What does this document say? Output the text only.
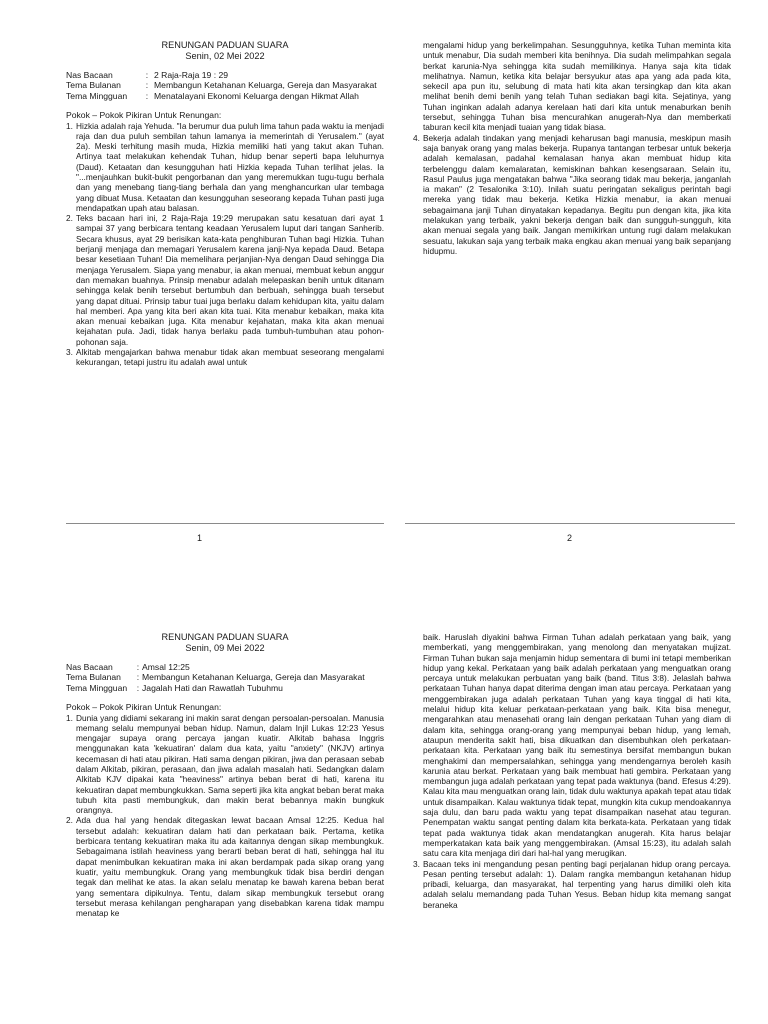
RENUNGAN PADUAN SUARA
Senin, 02 Mei 2022
Nas Bacaan	: 2 Raja-Raja 19 : 29
Tema Bulanan	: Membangun Ketahanan Keluarga, Gereja dan Masyarakat
Tema Mingguan	: Menatalayani Ekonomi Keluarga dengan Hikmat Allah
Pokok – Pokok Pikiran Untuk Renungan:
1. Hizkia adalah raja Yehuda. "Ia berumur dua puluh lima tahun pada waktu ia menjadi raja dan dua puluh sembilan tahun lamanya ia memerintah di Yerusalem." (ayat 2a). Meski terhitung masih muda, Hizkia memiliki hati yang takut akan Tuhan. Artinya taat melakukan kehendak Tuhan, hidup benar seperti bapa leluhurnya (Daud). Ketaatan dan kesungguhan hati Hizkia kepada Tuhan terlihat jelas. Ia "...menjauhkan bukit-bukit pengorbanan dan yang meremukkan tugu-tugu berhala dan yang menebang tiang-tiang berhala dan yang menghancurkan ular tembaga yang dibuat Musa. Ketaatan dan kesungguhan seseorang kepada Tuhan pasti juga mendapatkan upah atau balasan.
2. Teks bacaan hari ini, 2 Raja-Raja 19:29 merupakan satu kesatuan dari ayat 1 sampai 37 yang berbicara tentang keadaan Yerusalem luput dari tangan Sanherib. Secara khusus, ayat 29 berisikan kata-kata penghiburan Tuhan bagi Hizkia. Tuhan berjanji menjaga dan memagari Yerusalem karena janji-Nya kepada Daud. Betapa besar kesetiaan Tuhan! Dia memelihara perjanjian-Nya dengan Daud sehingga Dia menjaga Yerusalem. Siapa yang menabur, ia akan menuai, membuat kebun anggur dan memakan buahnya. Prinsip menabur adalah melepaskan benih untuk ditanam sehingga kelak benih tersebut bertumbuh dan berbuah, sehingga buah tersebut yang dapat dituai. Prinsip tabur tuai juga berlaku dalam kehidupan kita, yaitu dalam hal memberi. Apa yang kita beri akan kita tuai. Kita menabur kebaikan, maka kita akan menuai kebaikan juga. Kita menabur kejahatan, maka kita akan menuai kejahatan pula. Jadi, tidak hanya berlaku pada tumbuh-tumbuhan atau pohon-pohonan saja.
3. Alkitab mengajarkan bahwa menabur tidak akan membuat seseorang mengalami kekurangan, tetapi justru itu adalah awal untuk
mengalami hidup yang berkelimpahan. Sesungguhnya, ketika Tuhan meminta kita untuk menabur, Dia sudah memberi kita benihnya. Dia sudah melimpahkan segala berkat karunia-Nya sehingga kita sudah memilikinya. Hanya saja kita tidak melihatnya. Namun, ketika kita belajar bersyukur atas apa yang ada pada kita, sekecil apa pun itu, selubung di mata hati kita akan tersingkap dan kita akan melihat benih demi benih yang telah Tuhan sediakan bagi kita. Sejatinya, yang Tuhan inginkan adalah adanya kerelaan hati dari kita untuk menaburkan benih tersebut, sehingga Tuhan bisa mencurahkan anugerah-Nya dan memberkati taburan kecil kita menjadi tuaian yang tidak biasa.
4. Bekerja adalah tindakan yang menjadi keharusan bagi manusia, meskipun masih saja banyak orang yang malas bekerja. Rupanya tantangan terbesar untuk bekerja adalah kemalasan, padahal kemalasan hanya akan membuat hidup kita terbelenggu dalam kemalaratan, kemiskinan bahkan kesengsaraan. Selain itu, Rasul Paulus juga mengatakan bahwa "Jika seorang tidak mau bekerja, janganlah ia makan" (2 Tesalonika 3:10). Inilah suatu peringatan sekaligus perintah bagi mereka yang tidak mau bekerja. Ketika Hizkia menabur, ia akan menuai sebagaimana janji Tuhan dinyatakan kepadanya. Begitu pun dengan kita, jika kita melakukan yang terbaik, yakni bekerja dengan baik dan sungguh-sungguh, kita akan menuai segala yang baik. Jangan memikirkan untung rugi dalam melakukan sesuatu, lakukan saja yang terbaik maka engkau akan menuai yang baik sepanjang hidupmu.
1	2
RENUNGAN PADUAN SUARA
Senin, 09 Mei 2022
Nas Bacaan	: Amsal 12:25
Tema Bulanan	: Membangun Ketahanan Keluarga, Gereja dan Masyarakat
Tema Mingguan	: Jagalah Hati dan Rawatlah Tubuhmu
Pokok – Pokok Pikiran Untuk Renungan:
1. Dunia yang didiami sekarang ini makin sarat dengan persoalan-persoalan. Manusia memang selalu mempunyai beban hidup. Namun, dalam Injil Lukas 12:23 Yesus mengajar supaya orang percaya jangan kuatir. Alkitab bahasa Inggris menggunakan kata 'kekuatiran' dalam dua kata, yaitu "anxiety" (NKJV) artinya kecemasan di hati atau pikiran. Hati sama dengan pikiran, jiwa dan perasaan sebab dalam Alkitab, pikiran, perasaan, dan jiwa adalah masalah hati. Sedangkan dalam Alkitab KJV dipakai kata "heaviness" artinya beban berat di hati, karena itu kekuatiran dapat membungkukkan. Sama seperti jika kita angkat beban berat maka tubuh kita pasti membungkuk, dan makin berat bebannya makin bungkuk orangnya.
2. Ada dua hal yang hendak ditegaskan lewat bacaan Amsal 12:25. Kedua hal tersebut adalah: kekuatiran dalam hati dan perkataan baik. Pertama, ketika berbicara tentang kekuatiran maka itu ada kaitannya dengan sikap membungkuk. Sebagaimana istilah heaviness yang berarti beban berat di hati, sehingga hal itu dapat menimbulkan kekuatiran maka ini akan berdampak pada sikap orang yang kuatir, yaitu membungkuk. Orang yang membungkuk tidak bisa berdiri dengan tegak dan melihat ke atas. Ia akan selalu menatap ke bawah karena beban berat yang sementara dipikulnya. Tentu, dalam sikap membungkuk tersebut orang tersebut merasa kehilangan pengharapan yang disebabkan karena tidak mampu menatap ke
baik. Haruslah diyakini bahwa Firman Tuhan adalah perkataan yang baik, yang memberkati, yang menggembirakan, yang menolong dan menyatakan mujizat. Firman Tuhan bukan saja menjamin hidup sementara di bumi ini tetapi memberikan hidup yang kekal. Perkataan yang baik adalah perkataan yang menguatkan orang percaya untuk melakukan perbuatan yang baik (band. Titus 3:8). Jelaslah bahwa perkataan Tuhan hanya dapat diterima dengan iman atau percaya. Perkataan yang menggembirakan juga adalah perkataan Tuhan yang kaya tinggal di hati kita, melalui hidup kita keluar perkataan-perkataan yang baik. Kita bisa menegur, mengarahkan atau menasehati orang lain dengan perkataan Tuhan yang diam di dalam kita, sehingga orang-orang yang mempunyai beban hidup, yang lemah, ataupun menderita sakit hati, bisa dikuatkan dan disembuhkan oleh perkataan-perkataan kita. Perkataan yang baik itu semestinya bersifat membangun bukan menghakimi dan mempersalahkan, sehingga yang mendengarnya beroleh kasih karunia atau berkat. Perkataan yang baik membuat hati gembira. Perkataan yang membangun juga adalah perkataan yang tepat pada waktunya (band. Efesus 4:29). Kalau kita mau menguatkan orang lain, tidak dulu waktunya apakah tepat atau tidak untuk disampaikan. Kalau waktunya tidak tepat, mungkin kita cukup mendoakannya saja dulu, dan baru pada waktu yang tepat disampaikan nasehat atau teguran. Penempatan waktu sangat penting dalam kita berkata-kata. Perkataan yang tidak tepat pada waktunya tidak akan mendatangkan anugerah. Kita harus belajar memperkatakan kata baik yang menggembirakan. (Amsal 15:23), itu adalah salah satu cara kita menjaga diri dari hal-hal yang merugikan.
3. Bacaan teks ini mengandung pesan penting bagi perjalanan hidup orang percaya. Pesan penting tersebut adalah: 1). Dalam rangka membangun ketahanan hidup pribadi, keluarga, dan masyarakat, hal terpenting yang harus dimiliki oleh kita adalah selalu memandang pada Tuhan Yesus. Beban hidup kita memang sangat beraneka
